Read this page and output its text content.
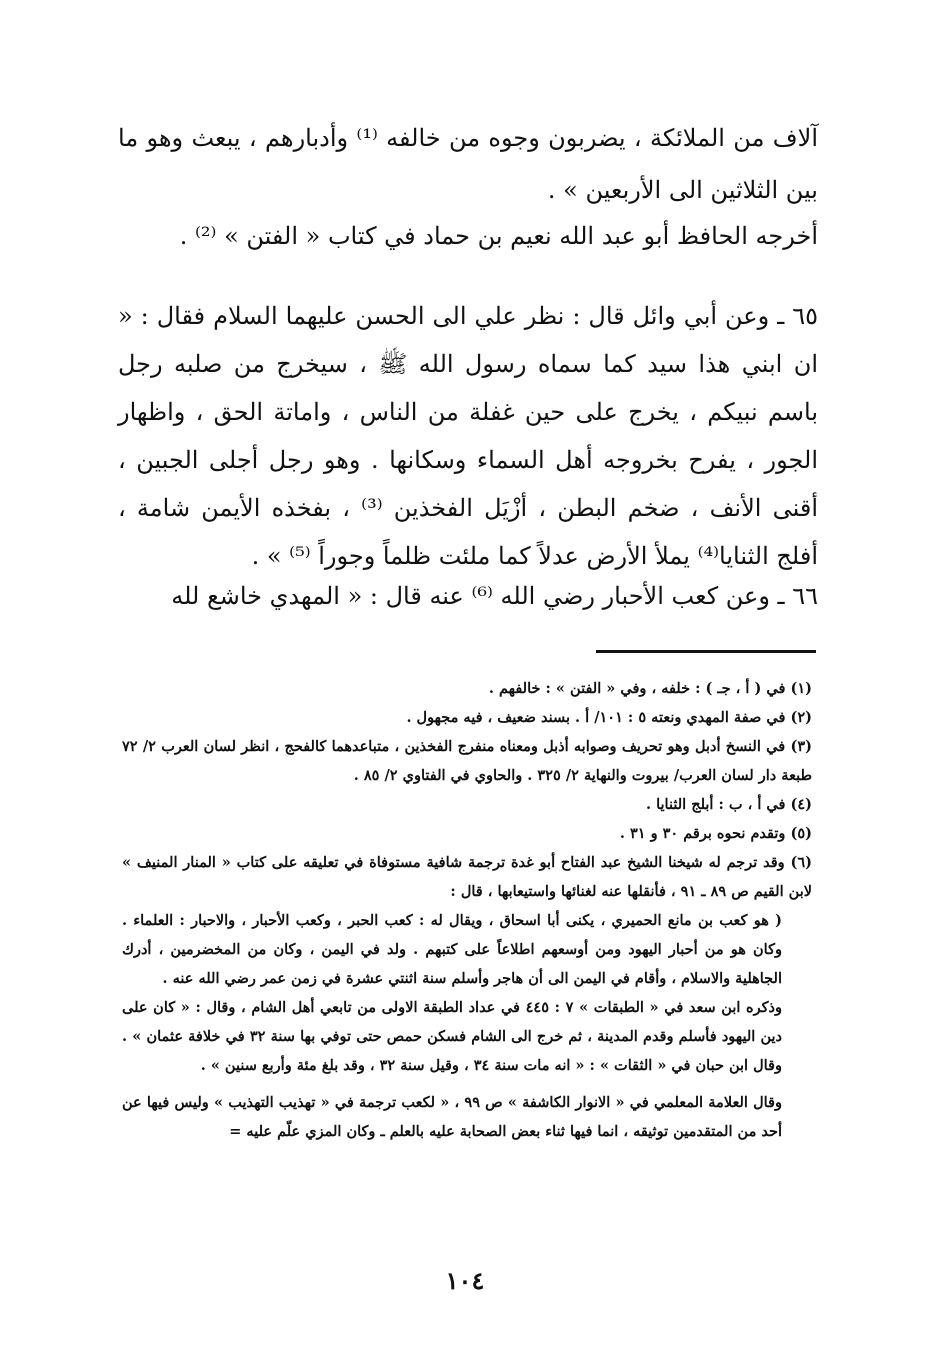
آلاف من الملائكة ، يضربون وجوه من خالفه ⁽¹⁾ وأدبارهم ، يبعث وهو ما بين الثلاثين الى الأربعين » .

أخرجه الحافظ أبو عبد الله نعيم بن حماد في كتاب « الفتن » ⁽²⁾ .

٦٥ ـ وعن أبي وائل قال : نظر علي الى الحسن عليهما السلام فقال : « ان ابني هذا سيد كما سماه رسول الله ﷺ ، سيخرج من صلبه رجل باسم نبيكم ، يخرج على حين غفلة من الناس ، واماتة الحق ، واظهار الجور ، يفرح بخروجه أهل السماء وسكانها . وهو رجل أجلى الجبين ، أقنى الأنف ، ضخم البطن ، أزْيَل الفخذين ⁽³⁾ ، بفخذه الأيمن شامة ، أفلج الثنايا⁽⁴⁾ يملأ الأرض عدلاً كما ملئت ظلماً وجوراً ⁽⁵⁾ » .

٦٦ ـ وعن كعب الأحبار رضي الله ⁽⁶⁾ عنه قال : « المهدي خاشع لله

(١) في ( أ ، جـ ) : خلفه ، وفي « الفتن » : خالفهم .

(٢) في صفة المهدي ونعته ٥ : ١٠١/ أ . بسند ضعيف ، فيه مجهول .

(٣) في النسخ أدبل وهو تحريف وصوابه أذبل ومعناه منفرج الفخذين ، متباعدهما كالفحج ، انظر لسان العرب ٢/ ٧٢ طبعة دار لسان العرب/ بيروت والنهاية ٢/ ٣٢٥ . والحاوي في الفتاوي ٢/ ٨٥ .

(٤) في أ ، ب : أبلج الثنايا .

(٥) وتقدم نحوه برقم ٣٠ و ٣١ .

(٦) وقد ترجم له شيخنا الشيخ عبد الفتاح أبو غدة ترجمة شافية مستوفاة في تعليقه على كتاب « المنار المنيف » لابن القيم ص ٨٩ ـ ٩١ ، فأنقلها عنه لغنائها واستيعابها ، قال :

( هو كعب بن مانع الحميري ، يكنى أبا اسحاق ، ويقال له : كعب الحبر ، وكعب الأحبار ، والاحبار : العلماء . وكان هو من أحبار اليهود ومن أوسعهم اطلاعاً على كتبهم . ولد في اليمن ، وكان من المخضرمين ، أدرك الجاهلية والاسلام ، وأقام في اليمن الى أن هاجر وأسلم سنة اثنتي عشرة في زمن عمر رضي الله عنه .

وذكره ابن سعد في « الطبقات » ٧ : ٤٤٥ في عداد الطبقة الاولى من تابعي أهل الشام ، وقال : « كان على دين اليهود فأسلم وقدم المدينة ، ثم خرج الى الشام فسكن حمص حتى توفي بها سنة ٣٢ في خلافة عثمان » . وقال ابن حبان في « الثقات » : « انه مات سنة ٣٤ ، وقيل سنة ٣٢ ، وقد بلغ مئة وأربع سنين » .

وقال العلامة المعلمي في « الانوار الكاشفة » ص ٩٩ ، « لكعب ترجمة في « تهذيب التهذيب » وليس فيها عن أحد من المتقدمين توثيقه ، انما فيها ثناء بعض الصحابة عليه بالعلم ـ وكان المزي علّم عليه =

١٠٤
